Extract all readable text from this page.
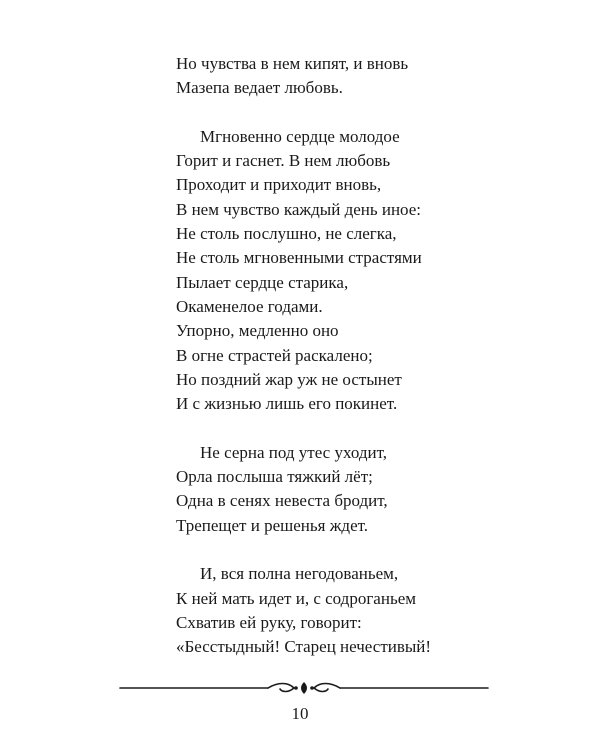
Но чувства в нем кипят, и вновь
Мазепа ведает любовь.
Мгновенно сердце молодое
Горит и гаснет. В нем любовь
Проходит и приходит вновь,
В нем чувство каждый день иное:
Не столь послушно, не слегка,
Не столь мгновенными страстями
Пылает сердце старика,
Окаменелое годами.
Упорно, медленно оно
В огне страстей раскалено;
Но поздний жар уж не остынет
И с жизнью лишь его покинет.
Не серна под утес уходит,
Орла послыша тяжкий лёт;
Одна в сенях невеста бродит,
Трепещет и решенья ждет.
И, вся полна негодованьем,
К ней мать идет и, с содроганьем
Схватив ей руку, говорит:
«Бесстыдный! Старец нечестивый!
10
